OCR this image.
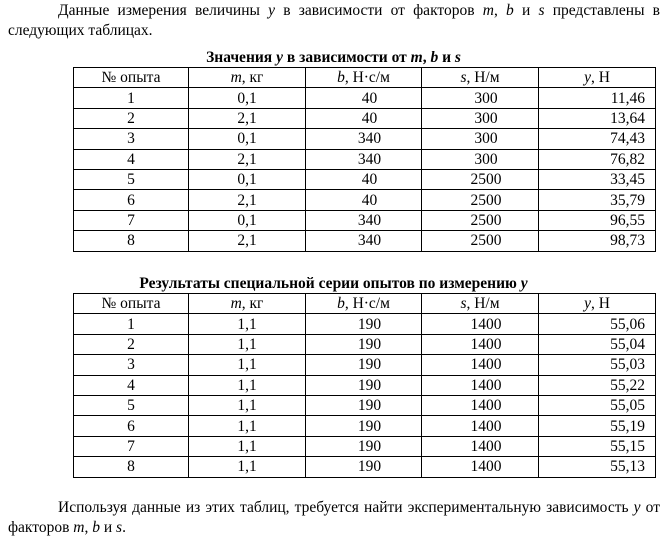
Данные измерения величины y в зависимости от факторов m, b и s представлены в следующих таблицах.

Значения y в зависимости от m, b и s
№ опыта	m, кг	b, Н·с/м	s, Н/м	y, Н
1	0,1	40	300	11,46
2	2,1	40	300	13,64
3	0,1	340	300	74,43
4	2,1	340	300	76,82
5	0,1	40	2500	33,45
6	2,1	40	2500	35,79
7	0,1	340	2500	96,55
8	2,1	340	2500	98,73
Результаты специальной серии опытов по измерению y
№ опыта	m, кг	b, Н·с/м	s, Н/м	y, Н
1	1,1	190	1400	55,06
2	1,1	190	1400	55,04
3	1,1	190	1400	55,03
4	1,1	190	1400	55,22
5	1,1	190	1400	55,05
6	1,1	190	1400	55,19
7	1,1	190	1400	55,15
8	1,1	190	1400	55,13

Используя данные из этих таблиц, требуется найти экспериментальную зависимость y от факторов m, b и s.
